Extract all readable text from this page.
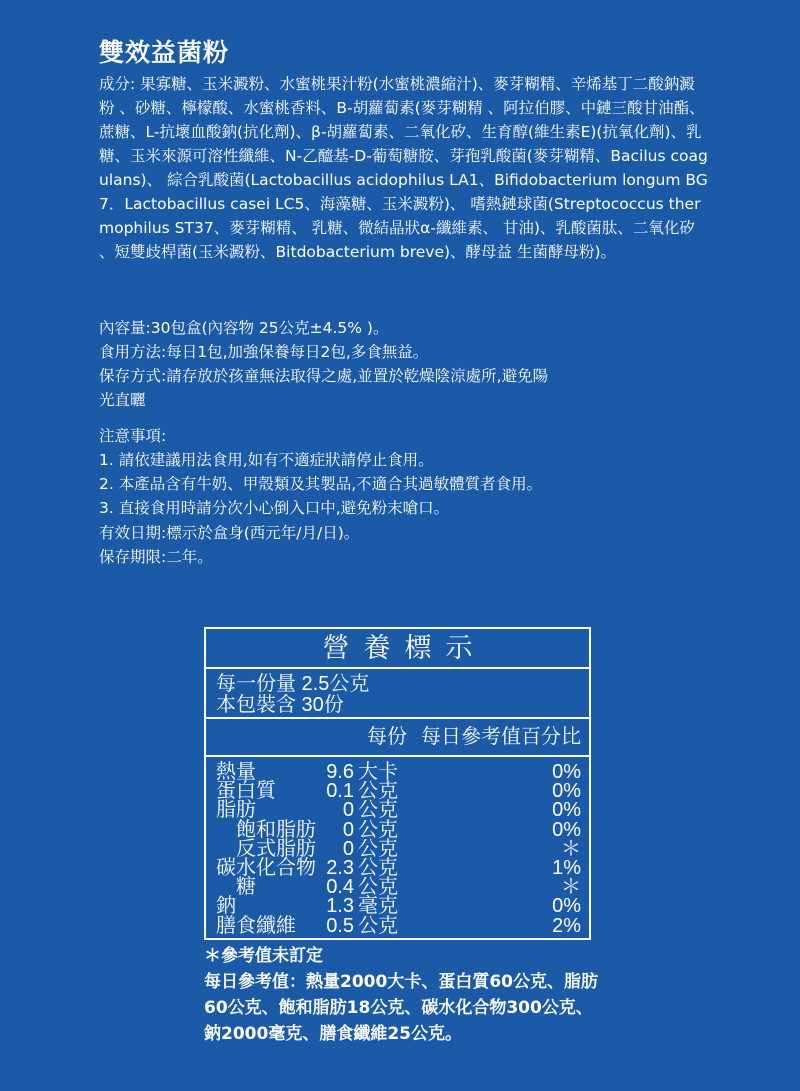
雙效益菌粉
成分: 果寡糖、玉米澱粉、水蜜桃果汁粉(水蜜桃濃縮汁)、麥芽糊精、辛烯基丁二酸鈉澱粉 、砂糖、檸檬酸、水蜜桃香料、B-胡蘿蔔素(麥芽糊精 、阿拉伯膠、中鏈三酸甘油酯、蔗糖、L-抗壞血酸鈉(抗化劑)、β-胡蘿蔔素、二氧化矽、生育醇(維生素E)(抗氧化劑)、乳糖、玉米來源可溶性纖維、N-乙醯基-D-葡萄糖胺、芽孢乳酸菌(麥芽糊精、Bacilus coagulans)、 綜合乳酸菌(Lactobacillus acidophilus LA1、Bifidobacterium longum BG7．Lactobacillus casei LC5、海藻糖、玉米澱粉)、 嗜熱鏈球菌(Streptococcus thermophilus ST37、麥芽糊精、 乳糖、微結晶狀α-纖維素、 甘油)、乳酸菌肽、二氧化矽 、短雙歧桿菌(玉米澱粉、Bitdobacterium breve)、酵母益 生菌酵母粉)。
內容量:30包盒(內容物 25公克±4.5% )。
食用方法:每日1包,加強保養每日2包,多食無益。
保存方式:請存放於孩童無法取得之處,並置於乾燥陰涼處所,避免陽
光直曬
注意事項:
1. 請依建議用法食用,如有不適症狀請停止食用。
2. 本產品含有牛奶、甲殼類及其製品,不適合其過敏體質者食用。
3. 直接食用時請分次小心倒入口中,避免粉末嗆口。
有效日期:標示於盒身(西元年/月/日)。
保存期限:二年。
營養標示
每一份量 2.5公克
本包裝含 30份
每份 每日參考值百分比
熱量	9.6 大卡	0%
蛋白質	0.1 公克	0%
脂肪	0 公克	0%
飽和脂肪	0 公克	0%
反式脂肪	0 公克	＊
碳水化合物 2.3 公克	1%
糖	0.4 公克	＊
鈉	1.3 毫克	0%
膳食纖維	0.5 公克	2%
＊參考值未訂定
每日參考值：熱量2000大卡、蛋白質60公克、脂肪60公克、飽和脂肪18公克、碳水化合物300公克、鈉2000毫克、膳食纖維25公克。
